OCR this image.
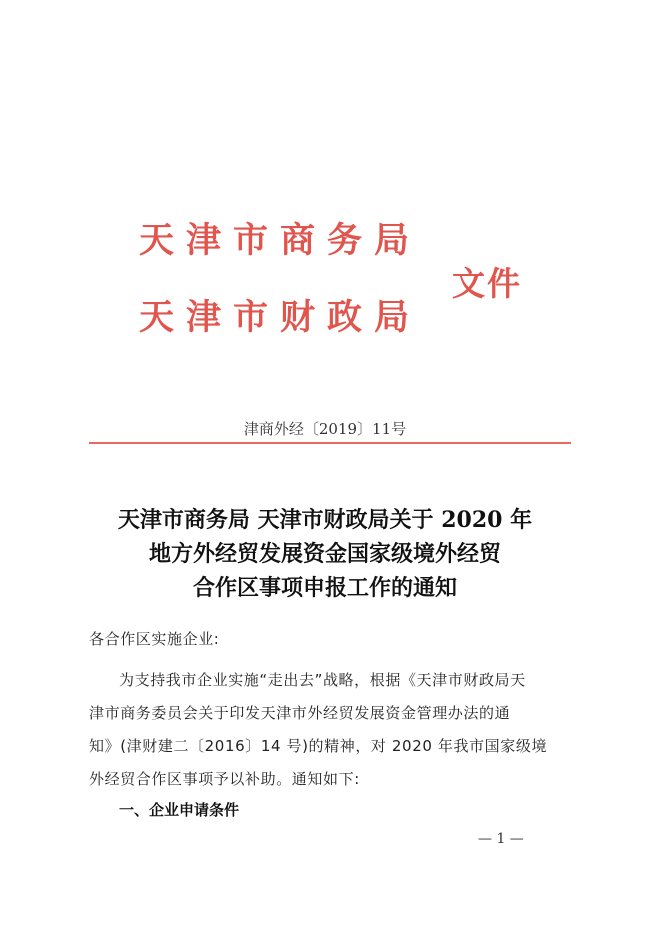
天津市商务局
天津市财政局
文件
津商外经〔2019〕11号
天津市商务局 天津市财政局关于 2020 年
地方外经贸发展资金国家级境外经贸
合作区事项申报工作的通知
各合作区实施企业:
为支持我市企业实施“走出去”战略，根据《天津市财政局天
津市商务委员会关于印发天津市外经贸发展资金管理办法的通
知》(津财建二〔2016〕14 号)的精神，对 2020 年我市国家级境
外经贸合作区事项予以补助。通知如下:
一、企业申请条件
— 1 —
